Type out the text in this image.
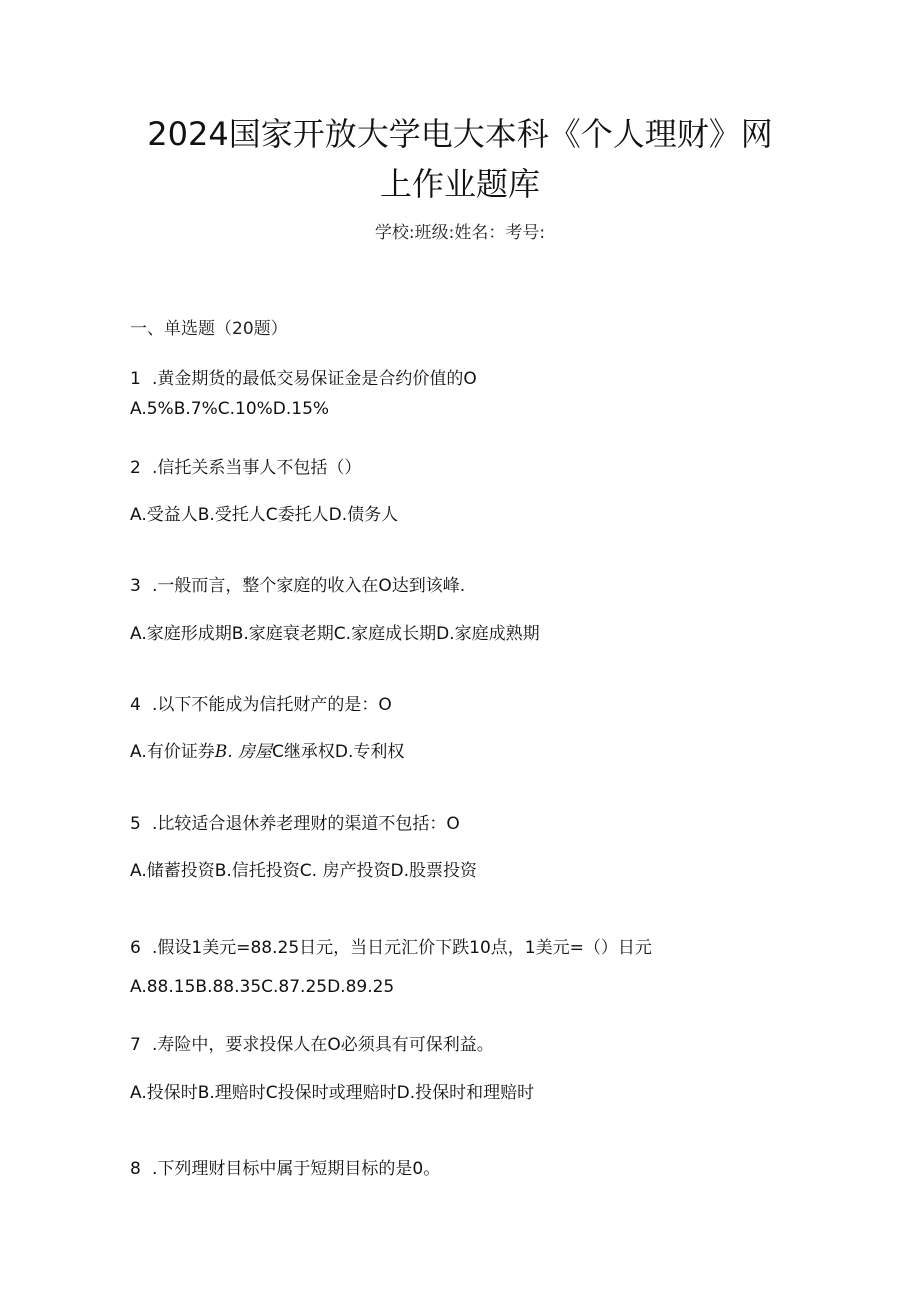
2024国家开放大学电大本科《个人理财》网
上作业题库
学校:班级:姓名：考号:
一、单选题（20题）
1 .黄金期货的最低交易保证金是合约价值的O
A.5%B.7%C.10%D.15%
2 .信托关系当事人不包括（）
A.受益人B.受托人C委托人D.债务人
3 .一般而言，整个家庭的收入在O达到该峰.
A.家庭形成期B.家庭衰老期C.家庭成长期D.家庭成熟期
4 .以下不能成为信托财产的是：O
A.有价证券B. 房屋C继承权D.专利权
5 .比较适合退休养老理财的渠道不包括：O
A.储蓄投资B.信托投资C. 房产投资D.股票投资
6 .假设1美元=88.25日元，当日元汇价下跌10点，1美元=（）日元
A.88.15B.88.35C.87.25D.89.25
7 .寿险中，要求投保人在O必须具有可保利益。
A.投保时B.理赔时C投保时或理赔时D.投保时和理赔时
8 .下列理财目标中属于短期目标的是0。
